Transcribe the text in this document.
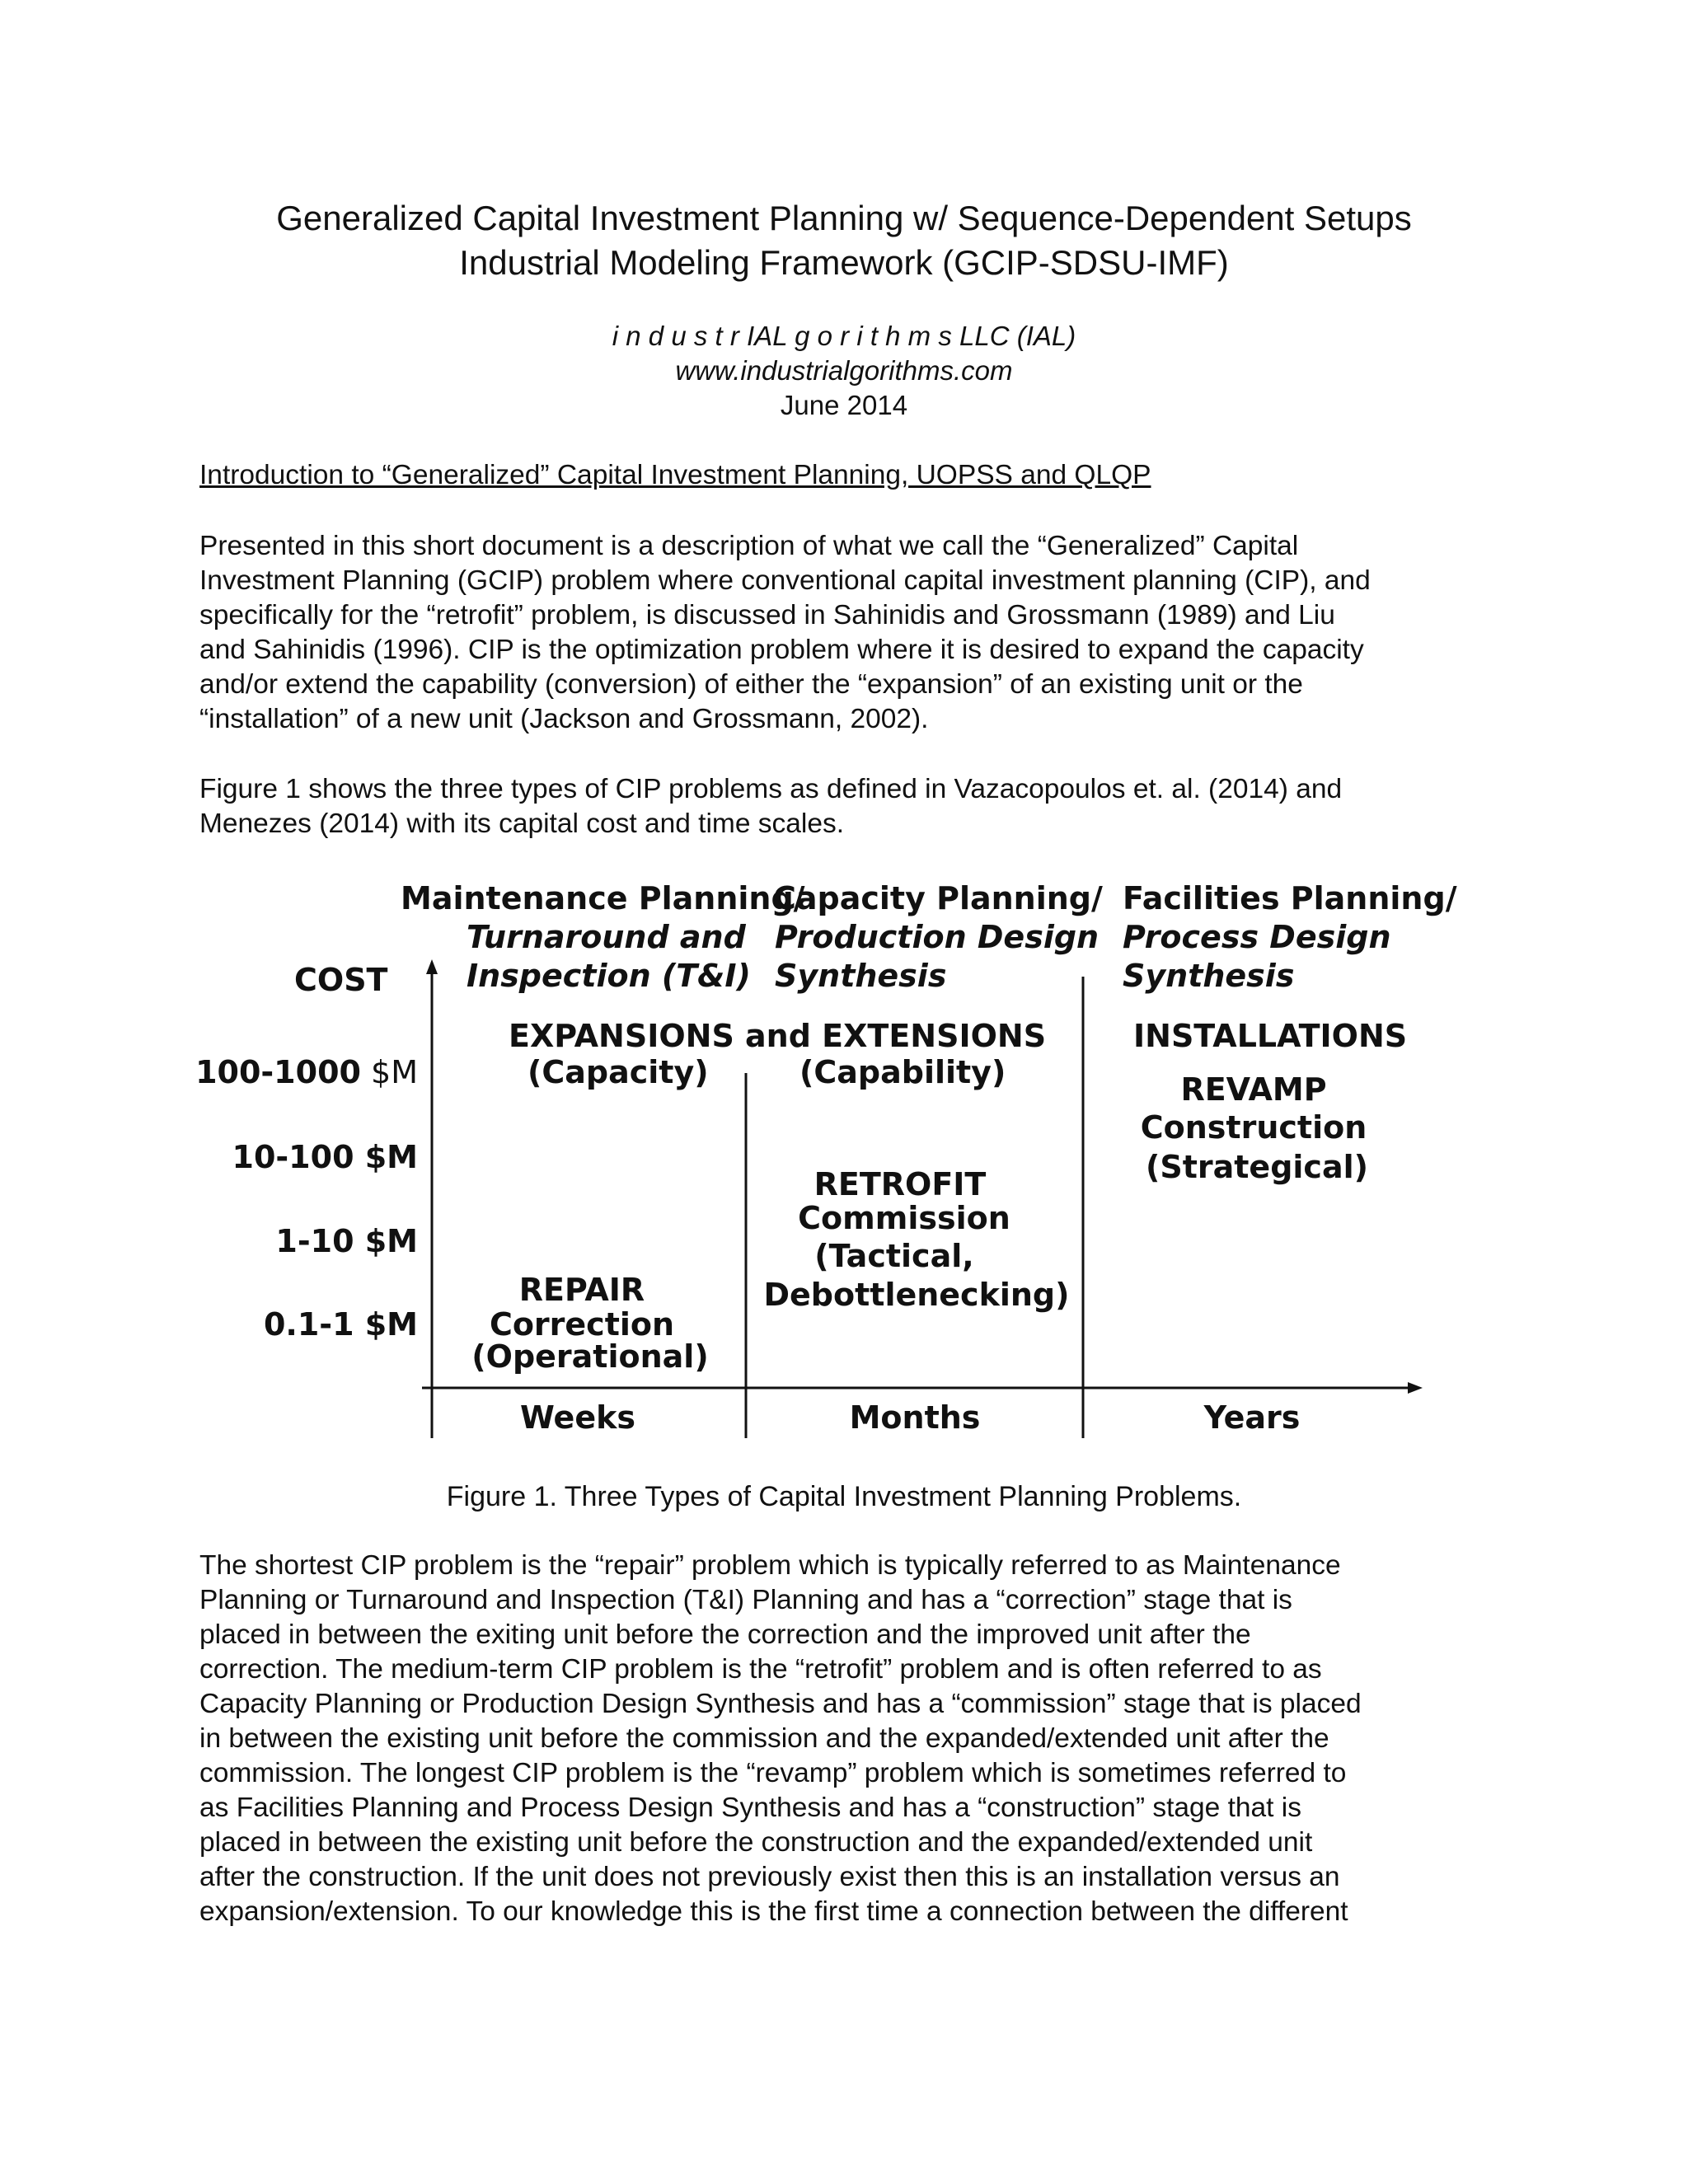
Generalized Capital Investment Planning w/ Sequence-Dependent Setups
Industrial Modeling Framework (GCIP-SDSU-IMF)
i n d u s t r IAL g o r i t h m s LLC (IAL)
www.industrialgorithms.com
June 2014
Introduction to “Generalized” Capital Investment Planning, UOPSS and QLQP
Presented in this short document is a description of what we call the “Generalized” Capital
Investment Planning (GCIP) problem where conventional capital investment planning (CIP), and
specifically for the “retrofit” problem, is discussed in Sahinidis and Grossmann (1989) and Liu
and Sahinidis (1996). CIP is the optimization problem where it is desired to expand the capacity
and/or extend the capability (conversion) of either the “expansion” of an existing unit or the
“installation” of a new unit (Jackson and Grossmann, 2002).
Figure 1 shows the three types of CIP problems as defined in Vazacopoulos et. al. (2014) and
Menezes (2014) with its capital cost and time scales.
Maintenance Planning/
Turnaround and
Inspection (T&I)
Capacity Planning/
Production Design
Synthesis
Facilities Planning/
Process Design
Synthesis
COST
100-1000 $M
10-100 $M
1-10 $M
0.1-1 $M
EXPANSIONS and EXTENSIONS
(Capacity)	(Capability)
INSTALLATIONS
REPAIR
Correction
(Operational)
RETROFIT
Commission
(Tactical,
Debottlenecking)
REVAMP
Construction
(Strategical)
Weeks	Months	Years
Figure 1. Three Types of Capital Investment Planning Problems.
The shortest CIP problem is the “repair” problem which is typically referred to as Maintenance
Planning or Turnaround and Inspection (T&I) Planning and has a “correction” stage that is
placed in between the exiting unit before the correction and the improved unit after the
correction. The medium-term CIP problem is the “retrofit” problem and is often referred to as
Capacity Planning or Production Design Synthesis and has a “commission” stage that is placed
in between the existing unit before the commission and the expanded/extended unit after the
commission. The longest CIP problem is the “revamp” problem which is sometimes referred to
as Facilities Planning and Process Design Synthesis and has a “construction” stage that is
placed in between the existing unit before the construction and the expanded/extended unit
after the construction. If the unit does not previously exist then this is an installation versus an
expansion/extension. To our knowledge this is the first time a connection between the different
